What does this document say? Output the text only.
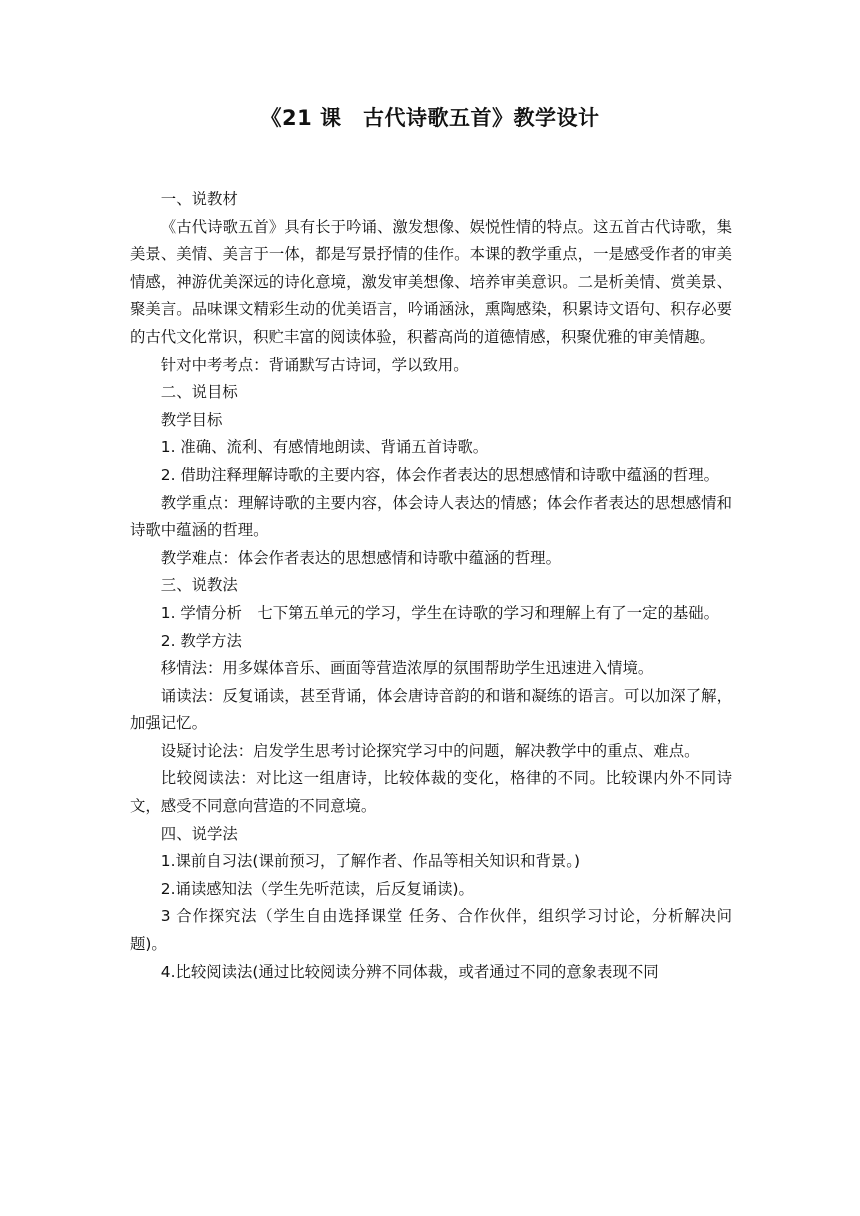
《21 课　古代诗歌五首》教学设计

一、说教材

《古代诗歌五首》具有长于吟诵、激发想像、娱悦性情的特点。这五首古代诗歌，集美景、美情、美言于一体，都是写景抒情的佳作。本课的教学重点，一是感受作者的审美情感，神游优美深远的诗化意境，激发审美想像、培养审美意识。二是析美情、赏美景、聚美言。品味课文精彩生动的优美语言，吟诵涵泳，熏陶感染，积累诗文语句、积存必要的古代文化常识，积贮丰富的阅读体验，积蓄高尚的道德情感，积聚优雅的审美情趣。

针对中考考点：背诵默写古诗词，学以致用。

二、说目标

教学目标

1. 准确、流利、有感情地朗读、背诵五首诗歌。

2. 借助注释理解诗歌的主要内容，体会作者表达的思想感情和诗歌中蕴涵的哲理。

教学重点：理解诗歌的主要内容，体会诗人表达的情感；体会作者表达的思想感情和诗歌中蕴涵的哲理。

教学难点：体会作者表达的思想感情和诗歌中蕴涵的哲理。

三、说教法

1. 学情分析　七下第五单元的学习，学生在诗歌的学习和理解上有了一定的基础。

2. 教学方法

移情法：用多媒体音乐、画面等营造浓厚的氛围帮助学生迅速进入情境。

诵读法：反复诵读，甚至背诵，体会唐诗音韵的和谐和凝练的语言。可以加深了解，加强记忆。

设疑讨论法：启发学生思考讨论探究学习中的问题，解决教学中的重点、难点。

比较阅读法：对比这一组唐诗，比较体裁的变化，格律的不同。比较课内外不同诗文，感受不同意向营造的不同意境。

四、说学法

1.课前自习法(课前预习，了解作者、作品等相关知识和背景。)

2.诵读感知法（学生先听范读，后反复诵读)。

3 合作探究法（学生自由选择课堂 任务、合作伙伴，组织学习讨论，分析解决问题)。

4.比较阅读法(通过比较阅读分辨不同体裁，或者通过不同的意象表现不同
